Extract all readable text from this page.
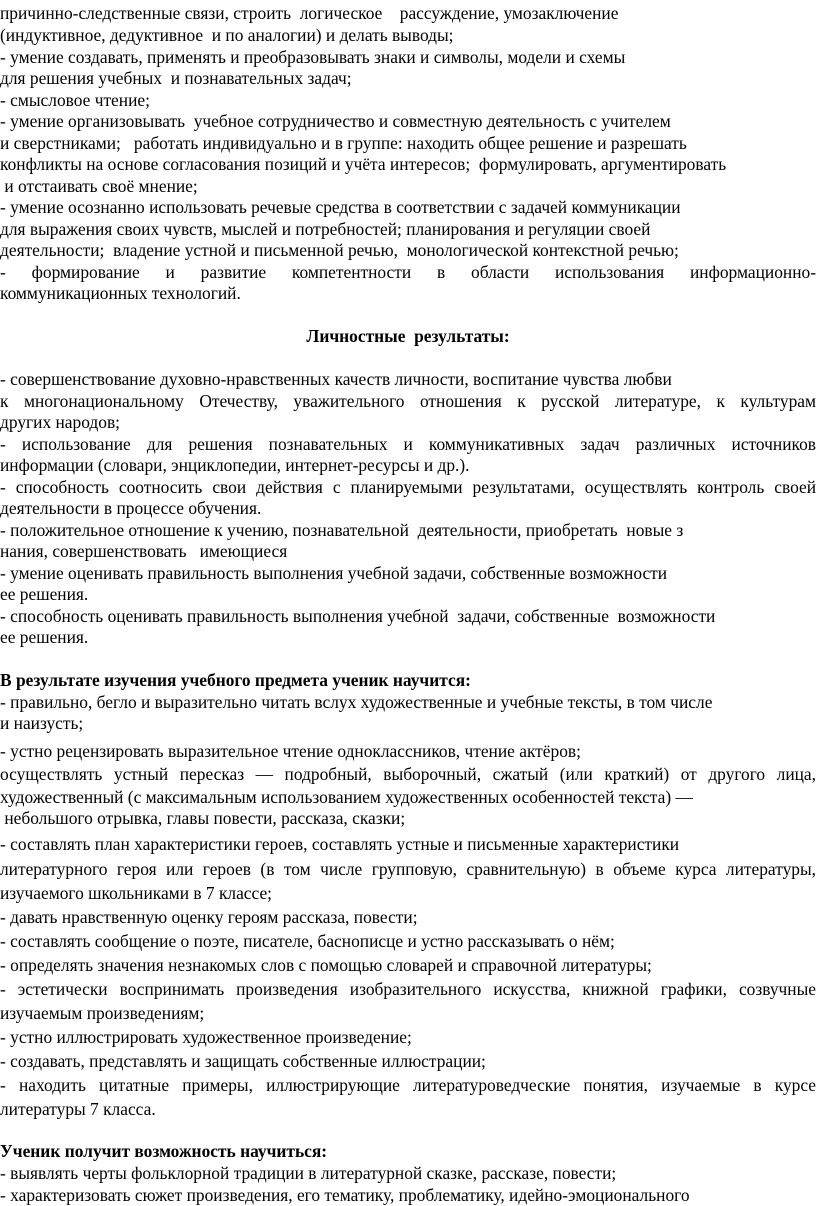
причинно-следственные связи, строить  логическое    рассуждение, умозаключение
(индуктивное, дедуктивное  и по аналогии) и делать выводы;
- умение создавать, применять и преобразовывать знаки и символы, модели и схемы
для решения учебных  и познавательных задач;
- смысловое чтение;
- умение организовывать  учебное сотрудничество и совместную деятельность с учителем
и сверстниками;   работать индивидуально и в группе: находить общее решение и разрешать
конфликты на основе согласования позиций и учёта интересов;  формулировать, аргументировать
и отстаивать своё мнение;
- умение осознанно использовать речевые средства в соответствии с задачей коммуникации
для выражения своих чувств, мыслей и потребностей; планирования и регуляции своей
деятельности;  владение устной и письменной речью,  монологической контекстной речью;
- формирование и развитие компетентности в области использования информационно-
коммуникационных технологий.
Личностные  результаты:
- совершенствование духовно-нравственных качеств личности, воспитание чувства любви
к многонациональному Отечеству, уважительного отношения к русской литературе, к культурам
других народов;
- использование для решения познавательных и коммуникативных задач различных источников
информации (словари, энциклопедии, интернет-ресурсы и др.).
- способность соотносить свои действия с планируемыми результатами, осуществлять контроль своей
деятельности в процессе обучения.
- положительное отношение к учению, познавательной  деятельности, приобретать  новые з
нания, совершенствовать   имеющиеся
- умение оценивать правильность выполнения учебной задачи, собственные возможности
ее решения.
- способность оценивать правильность выполнения учебной  задачи, собственные  возможности
ее решения.
В результате изучения учебного предмета ученик научится:
- правильно, бегло и выразительно читать вслух художественные и учебные тексты, в том числе
и наизусть;
- устно рецензировать выразительное чтение одноклассников, чтение актёров;
осуществлять устный пересказ — подробный, выборочный, сжатый (или краткий) от другого лица,
художественный (с максимальным использованием художественных особенностей текста) —
небольшого отрывка, главы повести, рассказа, сказки;
- составлять план характеристики героев, составлять устные и письменные характеристики
литературного героя или героев (в том числе групповую, сравнительную) в объеме курса литературы,
изучаемого школьниками в 7 классе;
- давать нравственную оценку героям рассказа, повести;
- составлять сообщение о поэте, писателе, баснописце и устно рассказывать о нём;
- определять значения незнакомых слов с помощью словарей и справочной литературы;
- эстетически воспринимать произведения изобразительного искусства, книжной графики, созвучные
изучаемым произведениям;
- устно иллюстрировать художественное произведение;
- создавать, представлять и защищать собственные иллюстрации;
- находить цитатные примеры, иллюстрирующие литературоведческие понятия, изучаемые в курсе
литературы 7 класса.
Ученик получит возможность научиться:
- выявлять черты фольклорной традиции в литературной сказке, рассказе, повести;
- характеризовать сюжет произведения, его тематику, проблематику, идейно-эмоционального
